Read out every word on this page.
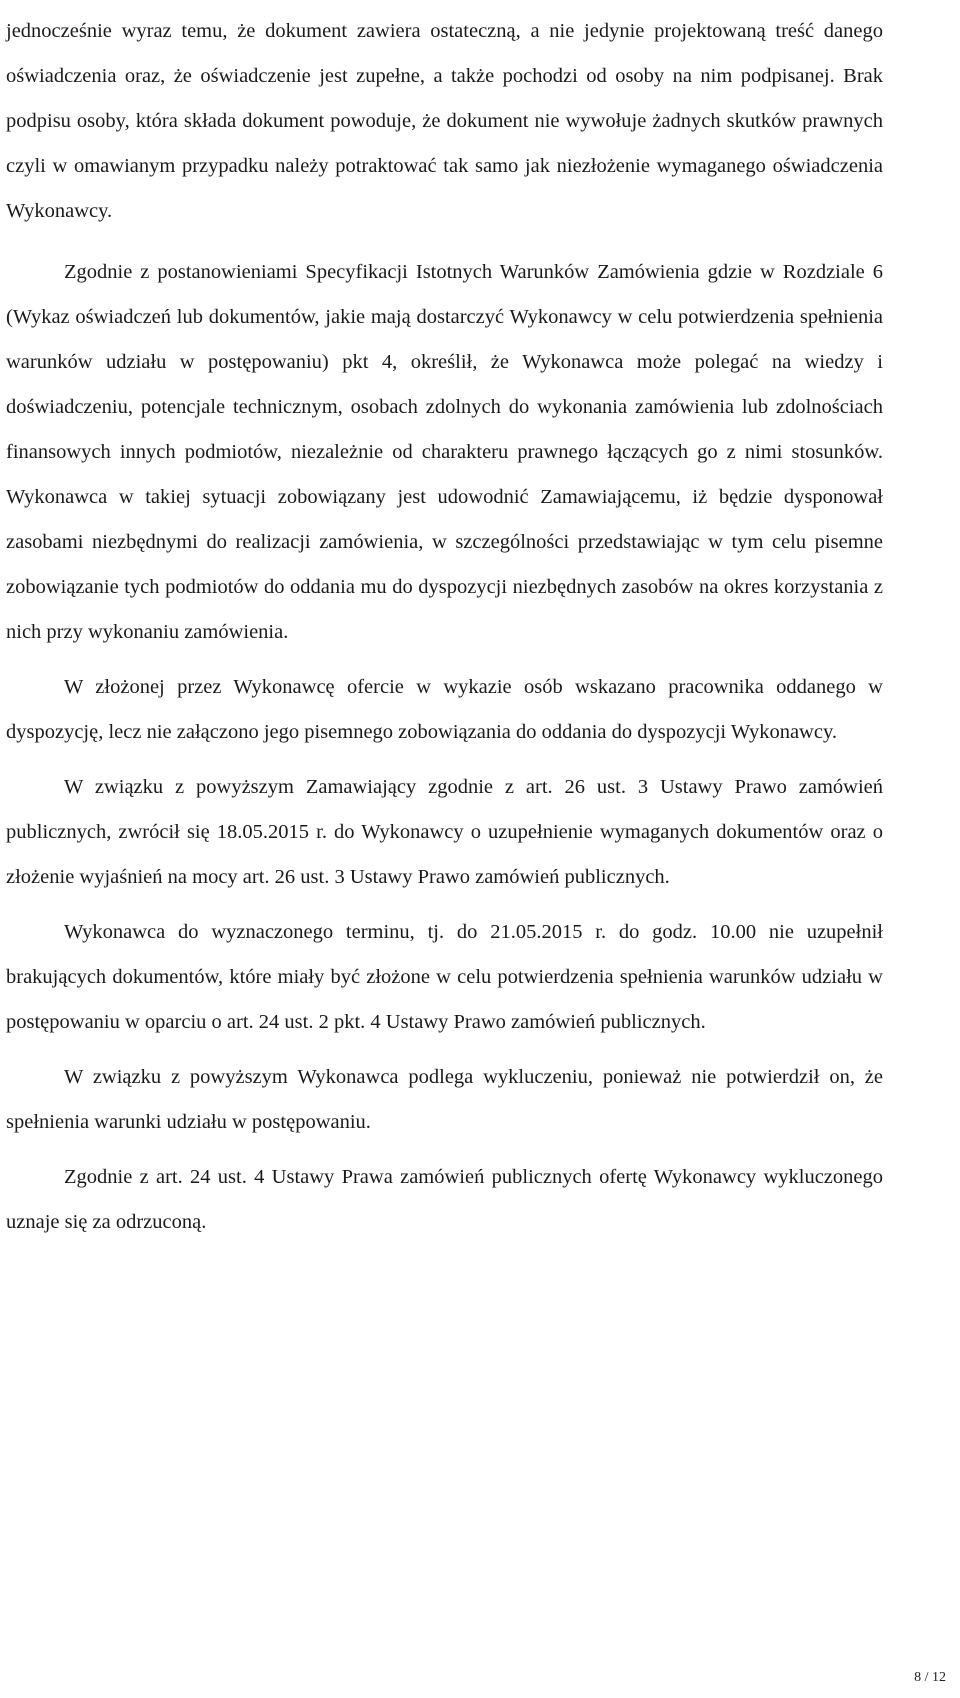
jednocześnie wyraz temu, że dokument zawiera ostateczną, a nie jedynie projektowaną treść danego oświadczenia oraz, że oświadczenie jest zupełne, a także pochodzi od osoby na nim podpisanej. Brak podpisu osoby, która składa dokument powoduje, że dokument nie wywołuje żadnych skutków prawnych czyli w omawianym przypadku należy potraktować tak samo jak niezłożenie wymaganego oświadczenia Wykonawcy.

Zgodnie z postanowieniami Specyfikacji Istotnych Warunków Zamówienia gdzie w Rozdziale 6 (Wykaz oświadczeń lub dokumentów, jakie mają dostarczyć Wykonawcy w celu potwierdzenia spełnienia warunków udziału w postępowaniu) pkt 4, określił, że Wykonawca może polegać na wiedzy i doświadczeniu, potencjale technicznym, osobach zdolnych do wykonania zamówienia lub zdolnościach finansowych innych podmiotów, niezależnie od charakteru prawnego łączących go z nimi stosunków. Wykonawca w takiej sytuacji zobowiązany jest udowodnić Zamawiającemu, iż będzie dysponował zasobami niezbędnymi do realizacji zamówienia, w szczególności przedstawiając w tym celu pisemne zobowiązanie tych podmiotów do oddania mu do dyspozycji niezbędnych zasobów na okres korzystania z nich przy wykonaniu zamówienia.

W złożonej przez Wykonawcę ofercie w wykazie osób wskazano pracownika oddanego w dyspozycję, lecz nie załączono jego pisemnego zobowiązania do oddania do dyspozycji Wykonawcy.

W związku z powyższym Zamawiający zgodnie z art. 26 ust. 3 Ustawy Prawo zamówień publicznych, zwrócił się 18.05.2015 r. do Wykonawcy o uzupełnienie wymaganych dokumentów oraz o złożenie wyjaśnień na mocy art. 26 ust. 3 Ustawy Prawo zamówień publicznych.

Wykonawca do wyznaczonego terminu, tj. do 21.05.2015 r. do godz. 10.00 nie uzupełnił brakujących dokumentów, które miały być złożone w celu potwierdzenia spełnienia warunków udziału w postępowaniu w oparciu o art. 24 ust. 2 pkt. 4 Ustawy Prawo zamówień publicznych.

W związku z powyższym Wykonawca podlega wykluczeniu, ponieważ nie potwierdził on, że spełnienia warunki udziału w postępowaniu.

Zgodnie z art. 24 ust. 4 Ustawy Prawa zamówień publicznych ofertę Wykonawcy wykluczonego uznaje się za odrzuconą.

8 / 12
